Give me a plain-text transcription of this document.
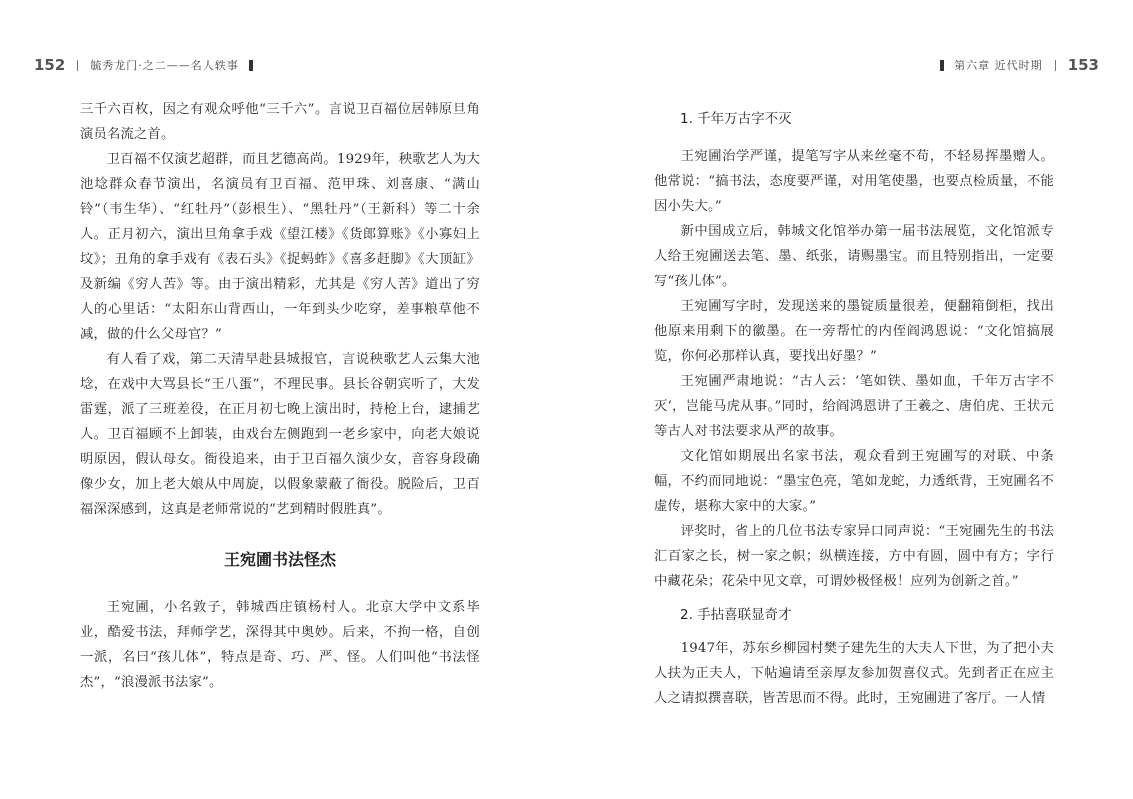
152 毓秀龙门·之二——名人轶事	第六章 近代时期 153

三千六百枚，因之有观众呼他“三千六”。言说卫百福位居韩原旦角演员名流之首。

卫百福不仅演艺超群，而且艺德高尚。1929年，秧歌艺人为大池埝群众春节演出，名演员有卫百福、范甲珠、刘喜康、“满山铃”（韦生华）、“红牡丹”（彭根生）、“黑牡丹”（王新科）等二十余人。正月初六，演出旦角拿手戏《望江楼》《货郎算账》《小寡妇上坟》；丑角的拿手戏有《表石头》《捉蚂蚱》《喜多赶脚》《大顶缸》及新编《穷人苦》等。由于演出精彩，尤其是《穷人苦》道出了穷人的心里话：“太阳东山背西山，一年到头少吃穿，差事粮草他不减，做的什么父母官？”

有人看了戏，第二天清早赴县城报官，言说秧歌艺人云集大池埝，在戏中大骂县长“王八蛋”，不理民事。县长谷朝宾听了，大发雷霆，派了三班差役，在正月初七晚上演出时，持枪上台，逮捕艺人。卫百福顾不上卸装，由戏台左侧跑到一老乡家中，向老大娘说明原因，假认母女。衙役追来，由于卫百福久演少女，音容身段确像少女，加上老大娘从中周旋，以假象蒙蔽了衙役。脱险后，卫百福深深感到，这真是老师常说的“艺到精时假胜真”。

王宛圃书法怪杰

王宛圃，小名敦子，韩城西庄镇杨村人。北京大学中文系毕业，酷爱书法，拜师学艺，深得其中奥妙。后来，不拘一格，自创一派，名曰“孩儿体”，特点是奇、巧、严、怪。人们叫他“书法怪杰”，“浪漫派书法家”。

1. 千年万古字不灭

王宛圃治学严谨，提笔写字从来丝毫不苟，不轻易挥墨赠人。他常说：“搞书法，态度要严谨，对用笔使墨，也要点检质量，不能因小失大。”

新中国成立后，韩城文化馆举办第一届书法展览，文化馆派专人给王宛圃送去笔、墨、纸张，请赐墨宝。而且特别指出，一定要写“孩儿体”。

王宛圃写字时，发现送来的墨锭质量很差，便翻箱倒柜，找出他原来用剩下的徽墨。在一旁帮忙的内侄阎鸿恩说：“文化馆搞展览，你何必那样认真，要找出好墨？”

王宛圃严肃地说：“古人云：‘笔如铁、墨如血，千年万古字不灭’，岂能马虎从事。”同时，给阎鸿恩讲了王羲之、唐伯虎、王状元等古人对书法要求从严的故事。

文化馆如期展出名家书法，观众看到王宛圃写的对联、中条幅，不约而同地说：“墨宝色亮，笔如龙蛇，力透纸背，王宛圃名不虚传，堪称大家中的大家。”

评奖时，省上的几位书法专家异口同声说：“王宛圃先生的书法汇百家之长，树一家之帜；纵横连接，方中有圆，圆中有方；字行中藏花朵；花朵中见文章，可谓妙极怪极！应列为创新之首。”

2. 手拈喜联显奇才

1947年，苏东乡柳园村樊子建先生的大夫人下世，为了把小夫人扶为正夫人，下帖遍请至亲厚友参加贺喜仪式。先到者正在应主人之请拟撰喜联，皆苦思而不得。此时，王宛圃进了客厅。一人情
